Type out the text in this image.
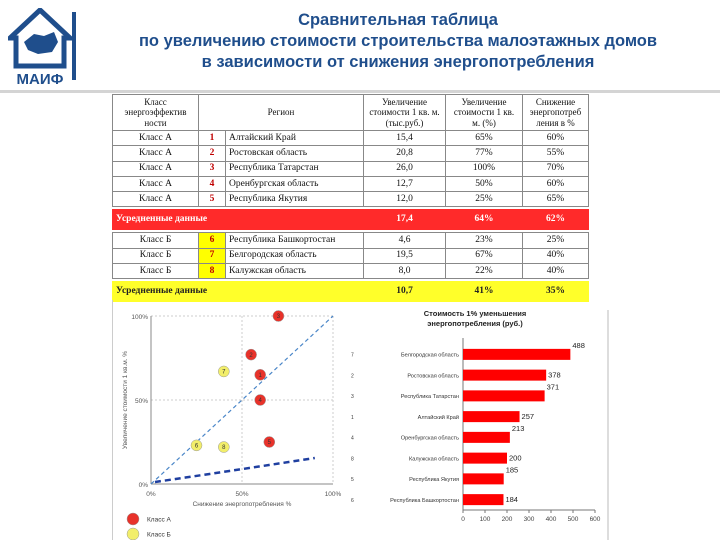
МАИФ
Сравнительная таблица
по увеличению стоимости строительства малоэтажных домов
в зависимости от снижения энергопотребления
Класс энергоэффектив ности	Регион		Увеличение стоимости 1 кв. м. (тыс.руб.)	Увеличение стоимости 1 кв. м. (%)	Снижение энергопотреб ления в %
Класс А	1	Алтайский Край	15,4	65%	60%
Класс А	2	Ростовская область	20,8	77%	55%
Класс А	3	Республика Татарстан	26,0	100%	70%
Класс А	4	Оренбургская область	12,7	50%	60%
Класс А	5	Республика Якутия	12,0	25%	65%

Усредненные данные			17,4	64%	62%

Класс Б	6	Республика Башкортостан	4,6	23%	25%
Класс Б	7	Белгородская область	19,5	67%	40%
Класс Б	8	Калужская область	8,0	22%	40%

Усредненные данные			10,7	41%	35%
0%	50%	100%
0%
50%
100%
Снижение энергопотребления %
Увеличение стоимости 1 кв.м. %	1
2
3
4
5
6
7
8
Класс А
Класс Б
Стоимость 1% уменьшения энергопотребления (руб.)
0 100 200 300 400 500 600
Белгородская область
7
488
Ростовская область
2	378
Республика Татарстан
3
371
Алтайский Край
1	257
Оренбургская область
4
213
Калужская область
8	200
Республика Якутия
5
185
Республика Башкортостан
6	184
